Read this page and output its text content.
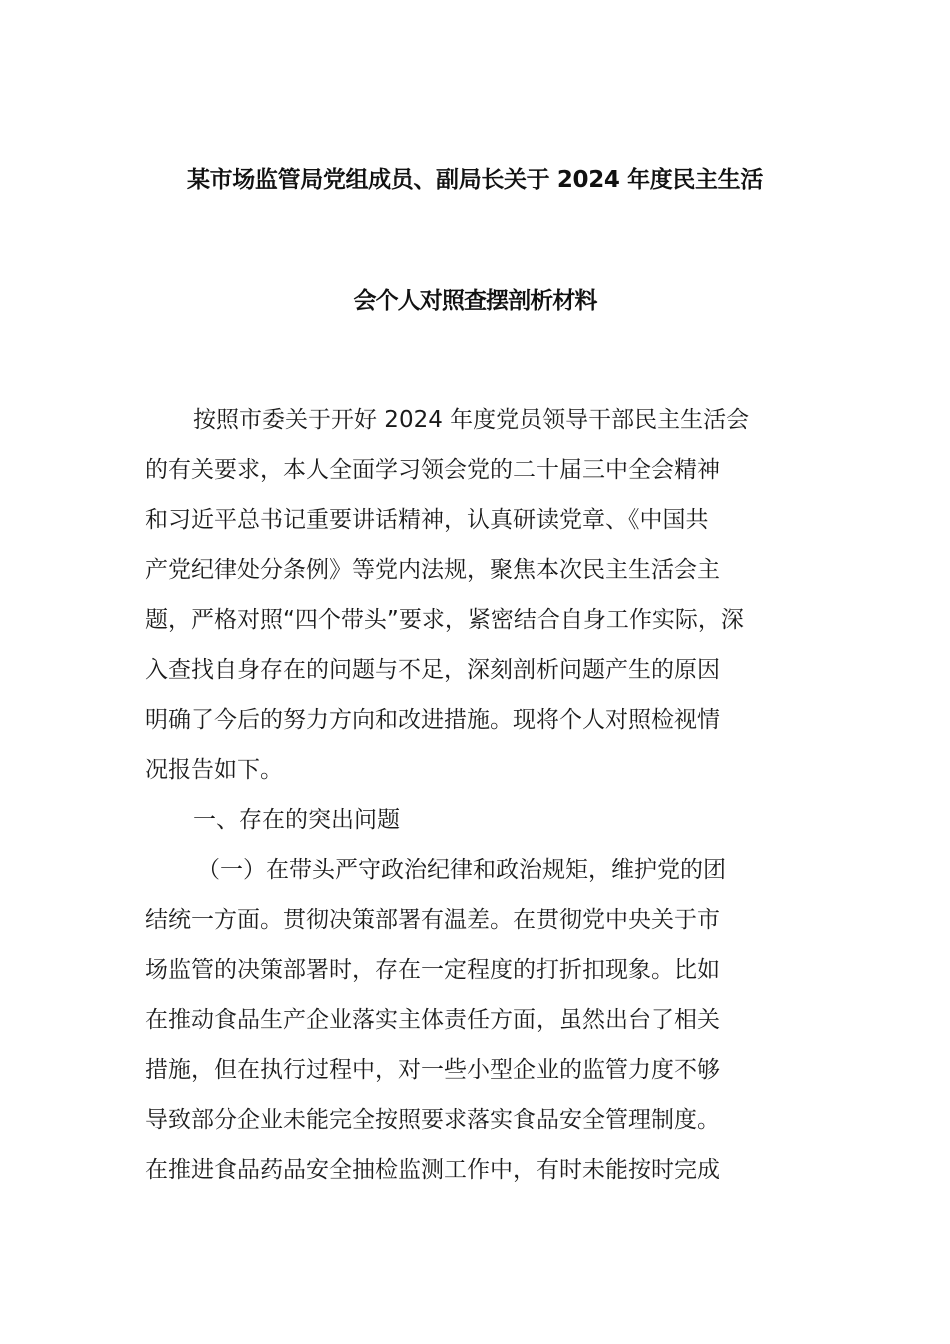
某市场监管局党组成员、副局长关于 2024 年度民主生活
会个人对照查摆剖析材料
按照市委关于开好 2024 年度党员领导干部民主生活会
的有关要求，本人全面学习领会党的二十届三中全会精神
和习近平总书记重要讲话精神，认真研读党章、《中国共
产党纪律处分条例》等党内法规，聚焦本次民主生活会主
题，严格对照“四个带头”要求，紧密结合自身工作实际，深
入查找自身存在的问题与不足，深刻剖析问题产生的原因
明确了今后的努力方向和改进措施。现将个人对照检视情
况报告如下。
一、存在的突出问题
（一）在带头严守政治纪律和政治规矩，维护党的团
结统一方面。贯彻决策部署有温差。在贯彻党中央关于市
场监管的决策部署时，存在一定程度的打折扣现象。比如
在推动食品生产企业落实主体责任方面，虽然出台了相关
措施，但在执行过程中，对一些小型企业的监管力度不够
导致部分企业未能完全按照要求落实食品安全管理制度。
在推进食品药品安全抽检监测工作中，有时未能按时完成
